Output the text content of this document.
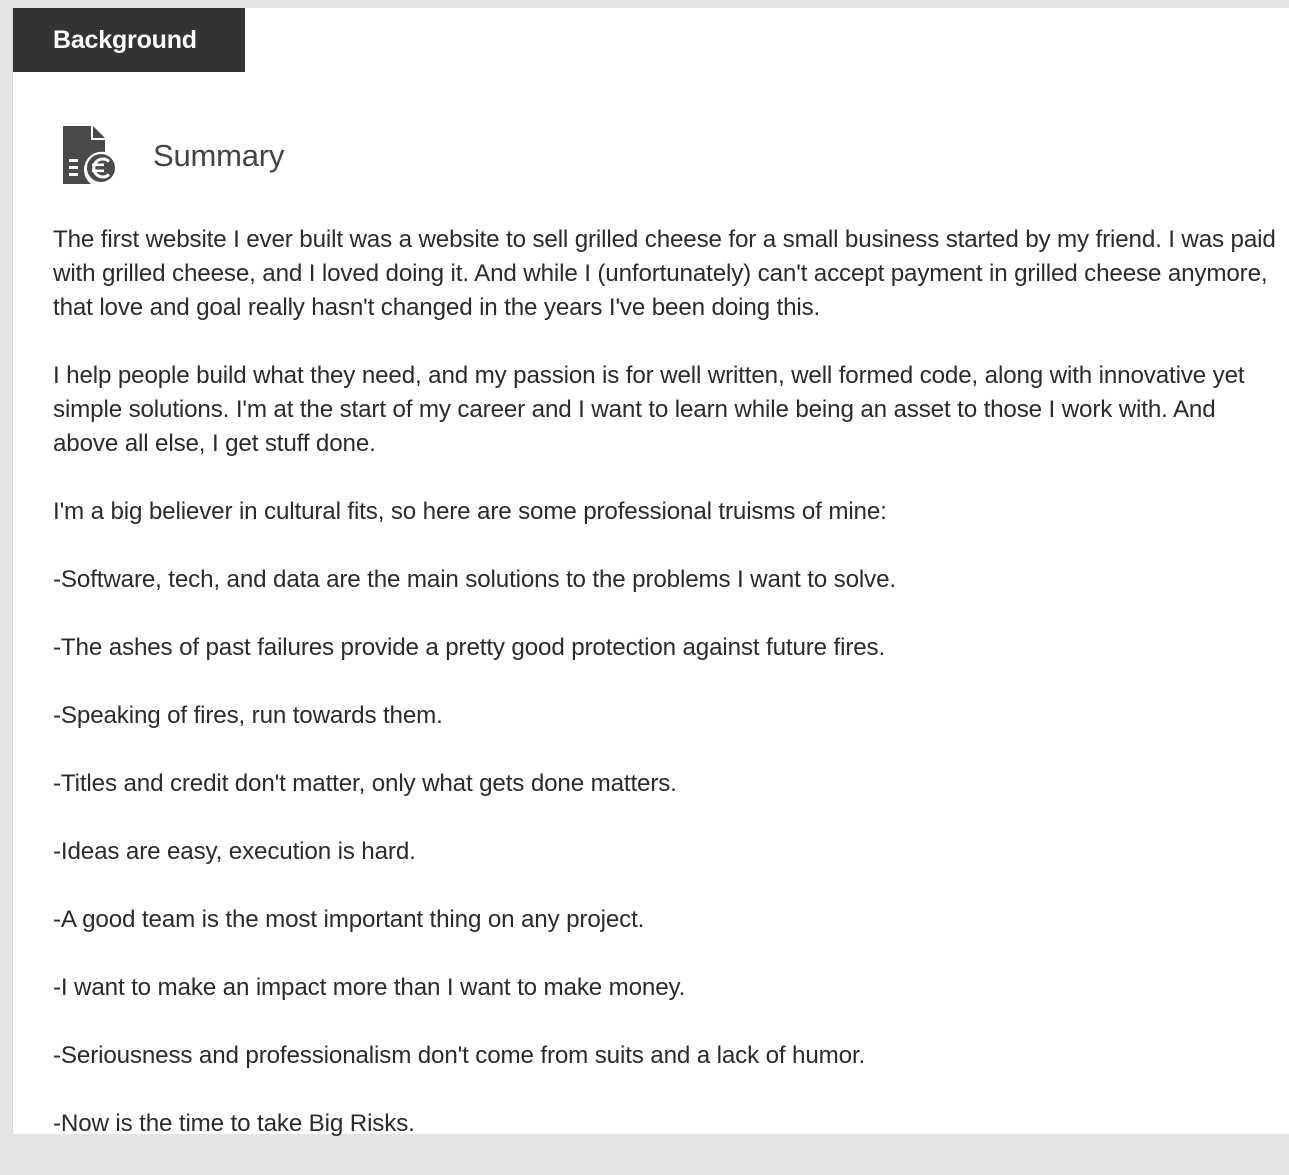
Background
Summary

The first website I ever built was a website to sell grilled cheese for a small business started by my friend. I was paid with grilled cheese, and I loved doing it. And while I (unfortunately) can't accept payment in grilled cheese anymore, that love and goal really hasn't changed in the years I've been doing this.

I help people build what they need, and my passion is for well written, well formed code, along with innovative yet simple solutions. I'm at the start of my career and I want to learn while being an asset to those I work with. And above all else, I get stuff done.

I'm a big believer in cultural fits, so here are some professional truisms of mine:

-Software, tech, and data are the main solutions to the problems I want to solve.

-The ashes of past failures provide a pretty good protection against future fires.

-Speaking of fires, run towards them.

-Titles and credit don't matter, only what gets done matters.

-Ideas are easy, execution is hard.

-A good team is the most important thing on any project.

-I want to make an impact more than I want to make money.

-Seriousness and professionalism don't come from suits and a lack of humor.

-Now is the time to take Big Risks.
